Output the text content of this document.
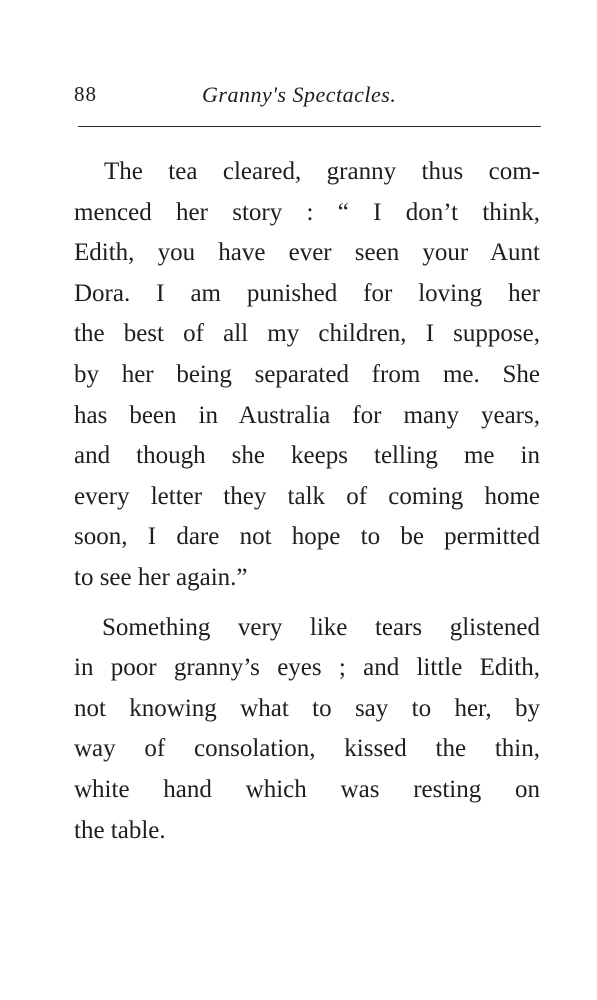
88	Granny's Spectacles.
The tea cleared, granny thus com-
menced her story : “ I don’t think,
Edith, you have ever seen your Aunt
Dora. I am punished for loving her
the best of all my children, I suppose,
by her being separated from me. She
has been in Australia for many years,
and though she keeps telling me in
every letter they talk of coming home
soon, I dare not hope to be permitted
to see her again.”
Something very like tears glistened
in poor granny’s eyes ; and little Edith,
not knowing what to say to her, by
way of consolation, kissed the thin,
white hand which was resting on
the table.
